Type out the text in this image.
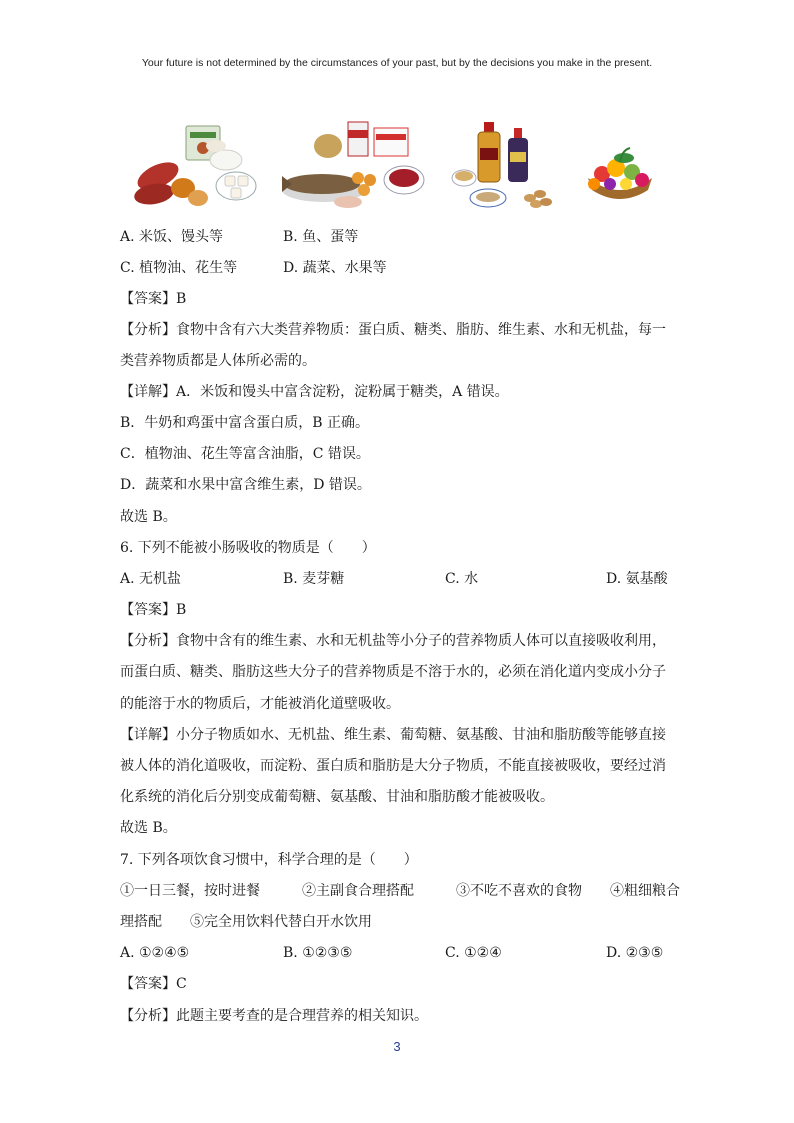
Your future is not determined by the circumstances of your past, but by the decisions you make in the present.
A. 米饭、馒头等	B. 鱼、蛋等
C. 植物油、花生等	D. 蔬菜、水果等
【答案】B
【分析】食物中含有六大类营养物质：蛋白质、糖类、脂肪、维生素、水和无机盐，每一
类营养物质都是人体所必需的。
【详解】A．米饭和馒头中富含淀粉，淀粉属于糖类，A 错误。
B．牛奶和鸡蛋中富含蛋白质，B 正确。
C．植物油、花生等富含油脂，C 错误。
D．蔬菜和水果中富含维生素，D 错误。
故选 B。
6. 下列不能被小肠吸收的物质是（　　）
A. 无机盐	B. 麦芽糖	C. 水	D. 氨基酸
【答案】B
【分析】食物中含有的维生素、水和无机盐等小分子的营养物质人体可以直接吸收利用，
而蛋白质、糖类、脂肪这些大分子的营养物质是不溶于水的，必须在消化道内变成小分子
的能溶于水的物质后，才能被消化道壁吸收。
【详解】小分子物质如水、无机盐、维生素、葡萄糖、氨基酸、甘油和脂肪酸等能够直接
被人体的消化道吸收，而淀粉、蛋白质和脂肪是大分子物质，不能直接被吸收，要经过消
化系统的消化后分别变成葡萄糖、氨基酸、甘油和脂肪酸才能被吸收。
故选 B。
7. 下列各项饮食习惯中，科学合理的是（　　）
①一日三餐，按时进餐　　　②主副食合理搭配　　　③不吃不喜欢的食物　　④粗细粮合
理搭配　　⑤完全用饮料代替白开水饮用
A. ①②④⑤	B. ①②③⑤	C. ①②④	D. ②③⑤
【答案】C
【分析】此题主要考查的是合理营养的相关知识。
3
